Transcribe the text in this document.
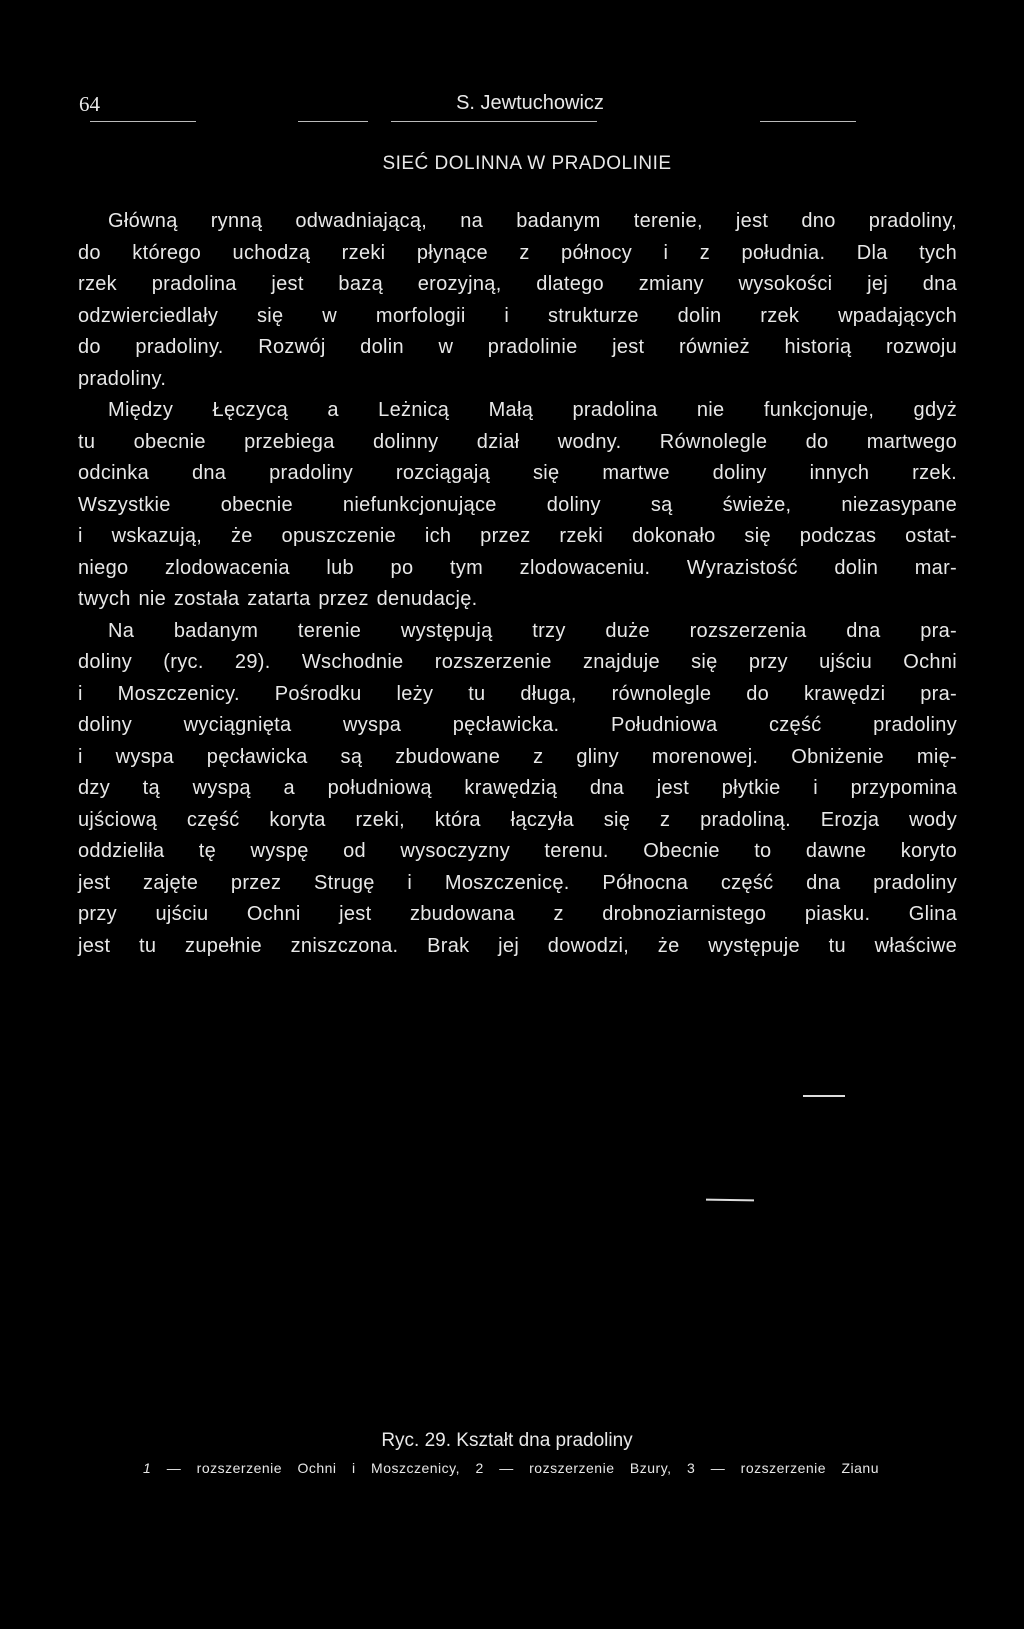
64	S. Jewtuchowicz
SIEĆ DOLINNA W PRADOLINIE
Główną rynną odwadniającą, na badanym terenie, jest dno pradoliny,
do którego uchodzą rzeki płynące z północy i z południa. Dla tych
rzek pradolina jest bazą erozyjną, dlatego zmiany wysokości jej dna
odzwierciedlały się w morfologii i strukturze dolin rzek wpadających
do pradoliny. Rozwój dolin w pradolinie jest również historią rozwoju
pradoliny.
Między Łęczycą a Leżnicą Małą pradolina nie funkcjonuje, gdyż
tu obecnie przebiega dolinny dział wodny. Równolegle do martwego
odcinka dna pradoliny rozciągają się martwe doliny innych rzek.
Wszystkie obecnie niefunkcjonujące doliny są świeże, niezasypane
i wskazują, że opuszczenie ich przez rzeki dokonało się podczas ostat-
niego zlodowacenia lub po tym zlodowaceniu. Wyrazistość dolin mar-
twych nie została zatarta przez denudację.
Na badanym terenie występują trzy duże rozszerzenia dna pra-
doliny (ryc. 29). Wschodnie rozszerzenie znajduje się przy ujściu Ochni
i Moszczenicy. Pośrodku leży tu długa, równolegle do krawędzi pra-
doliny wyciągnięta wyspa pęcławicka. Południowa część pradoliny
i wyspa pęcławicka są zbudowane z gliny morenowej. Obniżenie mię-
dzy tą wyspą a południową krawędzią dna jest płytkie i przypomina
ujściową część koryta rzeki, która łączyła się z pradoliną. Erozja wody
oddzieliła tę wyspę od wysoczyzny terenu. Obecnie to dawne koryto
jest zajęte przez Strugę i Moszczenicę. Północna część dna pradoliny
przy ujściu Ochni jest zbudowana z drobnoziarnistego piasku. Glina
jest tu zupełnie zniszczona. Brak jej dowodzi, że występuje tu właściwe
Ryc. 29. Kształt dna pradoliny
1 — rozszerzenie Ochni i Moszczenicy, 2 — rozszerzenie Bzury, 3 — rozszerzenie Zianu
